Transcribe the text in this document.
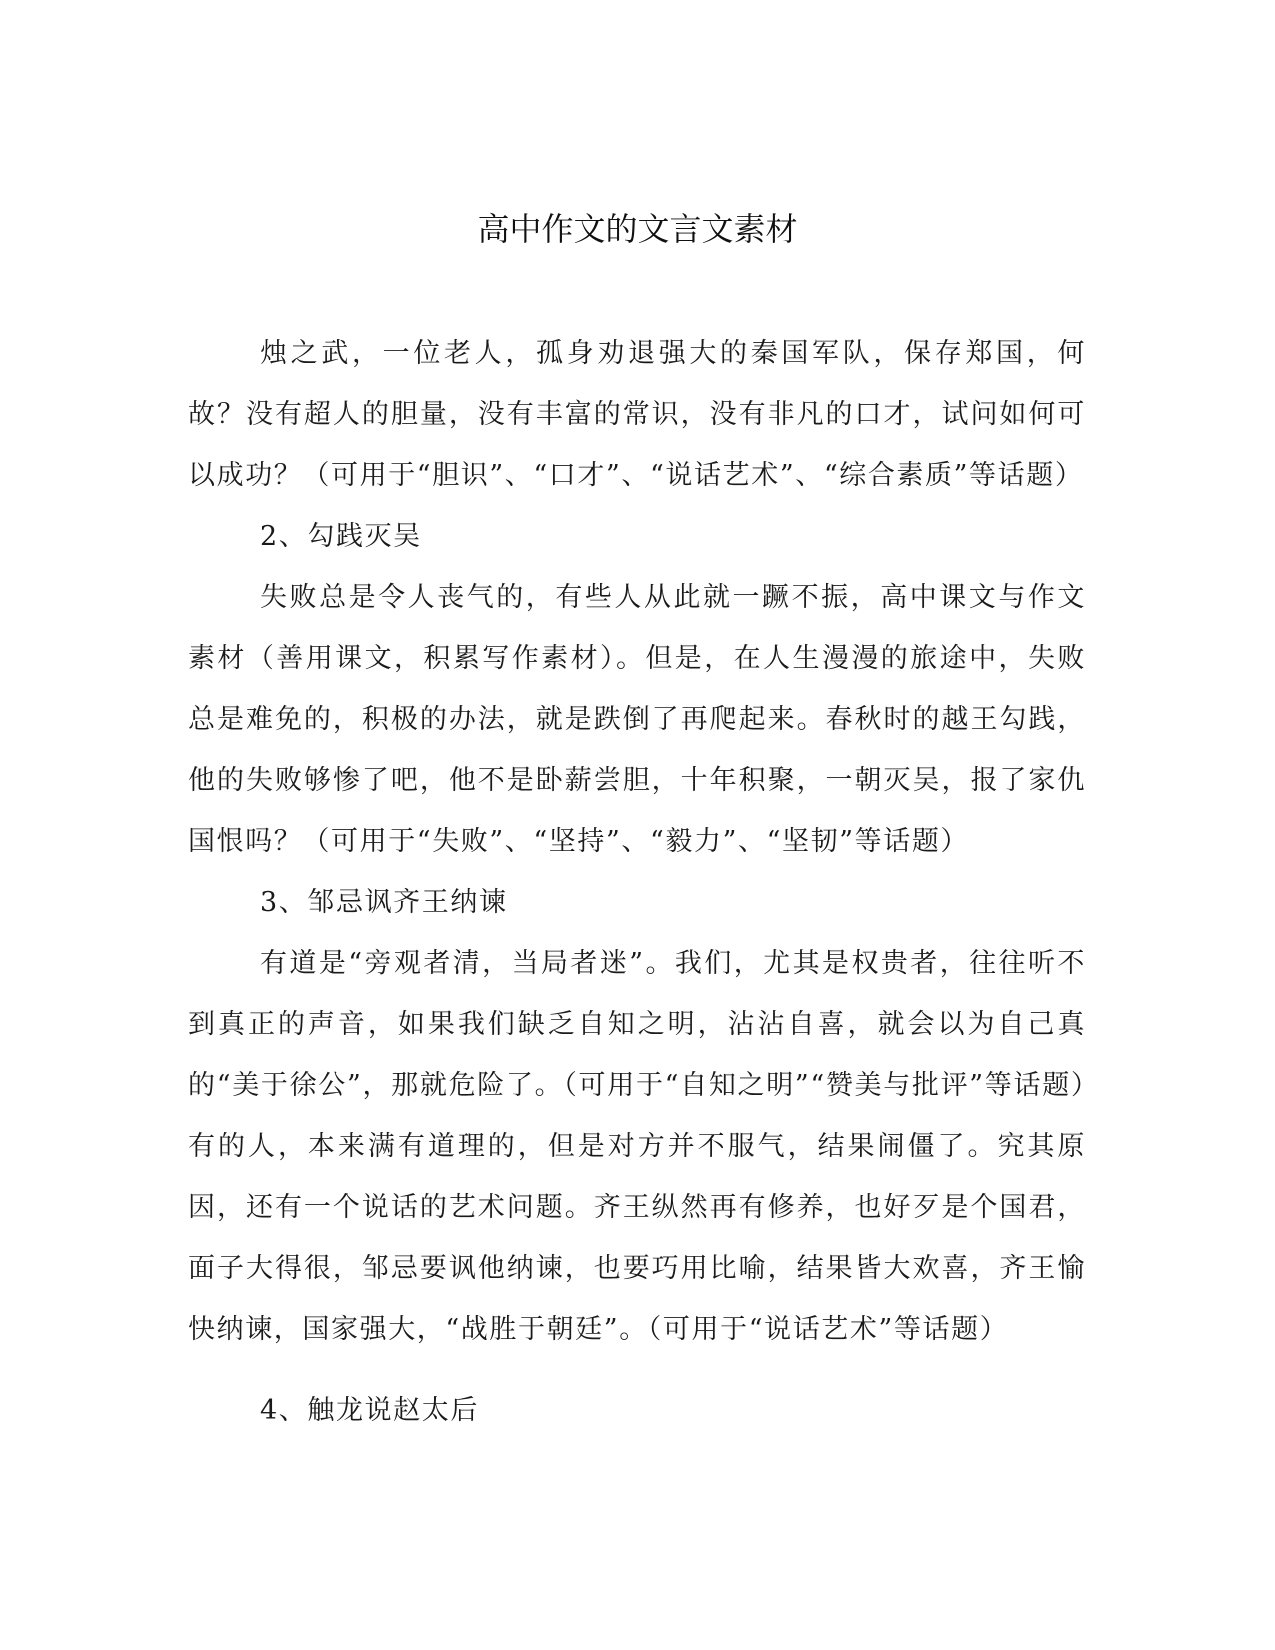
高中作文的文言文素材

烛之武，一位老人，孤身劝退强大的秦国军队，保存郑国，何故？没有超人的胆量，没有丰富的常识，没有非凡的口才，试问如何可以成功？（可用于“胆识”、“口才”、“说话艺术”、“综合素质”等话题）

2、勾践灭吴

失败总是令人丧气的，有些人从此就一蹶不振，高中课文与作文素材（善用课文，积累写作素材）。但是，在人生漫漫的旅途中，失败总是难免的，积极的办法，就是跌倒了再爬起来。春秋时的越王勾践，他的失败够惨了吧，他不是卧薪尝胆，十年积聚，一朝灭吴，报了家仇国恨吗？（可用于“失败”、“坚持”、“毅力”、“坚韧”等话题）

3、邹忌讽齐王纳谏

有道是“旁观者清，当局者迷”。我们，尤其是权贵者，往往听不到真正的声音，如果我们缺乏自知之明，沾沾自喜，就会以为自己真的“美于徐公”，那就危险了。（可用于“自知之明”“赞美与批评”等话题）有的人，本来满有道理的，但是对方并不服气，结果闹僵了。究其原因，还有一个说话的艺术问题。齐王纵然再有修养，也好歹是个国君，面子大得很，邹忌要讽他纳谏，也要巧用比喻，结果皆大欢喜，齐王愉快纳谏，国家强大，“战胜于朝廷”。（可用于“说话艺术”等话题）

4、触龙说赵太后
